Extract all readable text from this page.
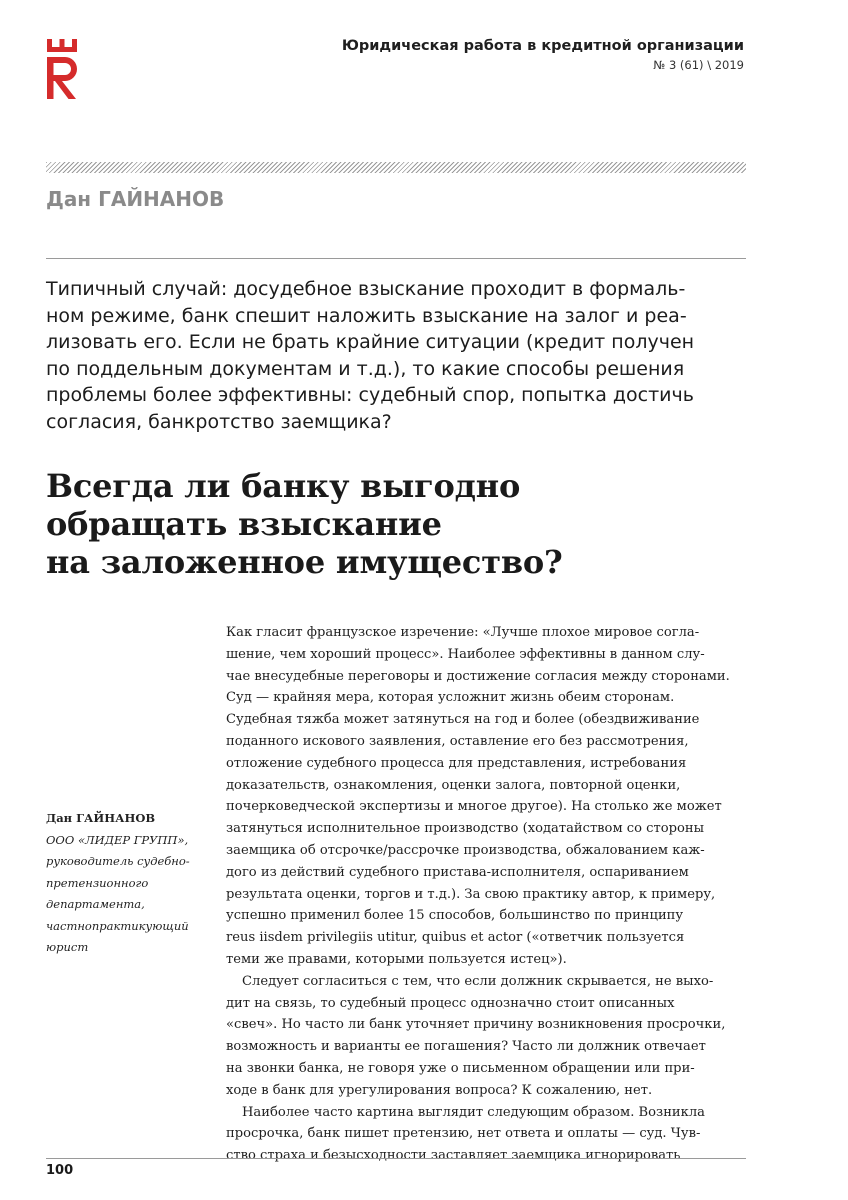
Юридическая работа в кредитной организации
№ 3 (61) \ 2019
Дан ГАЙНАНОВ

Типичный случай: досудебное взыскание проходит в формаль-
ном режиме, банк спешит наложить взыскание на залог и реа-
лизовать его. Если не брать крайние ситуации (кредит получен
по поддельным документам и т.д.), то какие способы решения
проблемы более эффективны: судебный спор, попытка достичь
согласия, банкротство заемщика?

Всегда ли банку выгодно
обращать взыскание
на заложенное имущество?
Дан ГАЙНАНОВ
ООО «ЛИДЕР ГРУПП»,
руководитель судебно-
претензионного
департамента,
частнопрактикующий
юрист
Как гласит французское изречение: «Лучше плохое мировое согла-
шение, чем хороший процесс». Наиболее эффективны в данном слу-
чае внесудебные переговоры и достижение согласия между сторонами.
Суд — крайняя мера, которая усложнит жизнь обеим сторонам.
Судебная тяжба может затянуться на год и более (обездвиживание
поданного искового заявления, оставление его без рассмотрения,
отложение судебного процесса для представления, истребования
доказательств, ознакомления, оценки залога, повторной оценки,
почерковедческой экспертизы и многое другое). На столько же может
затянуться исполнительное производство (ходатайством со стороны
заемщика об отсрочке/рассрочке производства, обжалованием каж-
дого из действий судебного пристава-исполнителя, оспариванием
результата оценки, торгов и т.д.). За свою практику автор, к примеру,
успешно применил более 15 способов, большинство по принципу
reus iisdem privilegiis utitur, quibus et actor («ответчик пользуется
теми же правами, которыми пользуется истец»).
Следует согласиться с тем, что если должник скрывается, не выхо-
дит на связь, то судебный процесс однозначно стоит описанных
«свеч». Но часто ли банк уточняет причину возникновения просрочки,
возможность и варианты ее погашения? Часто ли должник отвечает
на звонки банка, не говоря уже о письменном обращении или при-
ходе в банк для урегулирования вопроса? К сожалению, нет.
Наиболее часто картина выглядит следующим образом. Возникла
просрочка, банк пишет претензию, нет ответа и оплаты — суд. Чув-
ство страха и безысходности заставляет заемщика игнорировать
100
